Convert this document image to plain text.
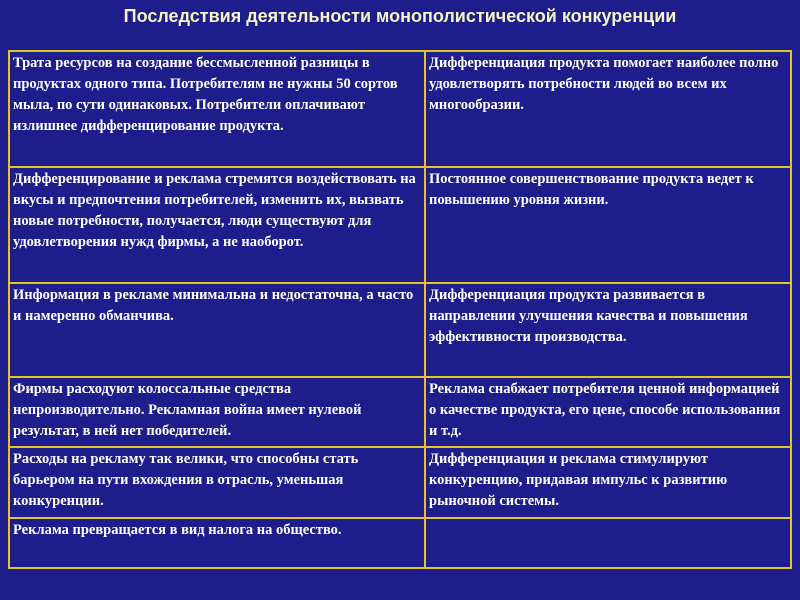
Последствия деятельности монополистической конкуренции
Трата ресурсов на создание бессмысленной разницы в продуктах одного типа. Потребителям не нужны 50 сортов мыла, по сути одинаковых. Потребители оплачивают излишнее дифференцирование продукта.	Дифференциация продукта помогает наиболее полно удовлетворять потребности людей во всем их многообразии.
Дифференцирование и реклама стремятся воздействовать на вкусы и предпочтения потребителей, изменить их, вызвать новые потребности, получается, люди существуют для удовлетворения нужд фирмы, а не наоборот.	Постоянное совершенствование продукта ведет к повышению уровня жизни.
Информация в рекламе минимальна и недостаточна, а часто и намеренно обманчива.	Дифференциация продукта развивается в направлении улучшения качества и повышения эффективности производства.
Фирмы расходуют колоссальные средства непроизводительно. Рекламная война имеет нулевой результат, в ней нет победителей.	Реклама снабжает потребителя ценной информацией о качестве продукта, его цене, способе использования и т.д.
Расходы на рекламу так велики, что способны стать барьером на пути вхождения в отрасль, уменьшая конкуренции.	Дифференциация и реклама стимулируют конкуренцию, придавая импульс к развитию рыночной системы.
Реклама превращается в вид налога на общество.	
